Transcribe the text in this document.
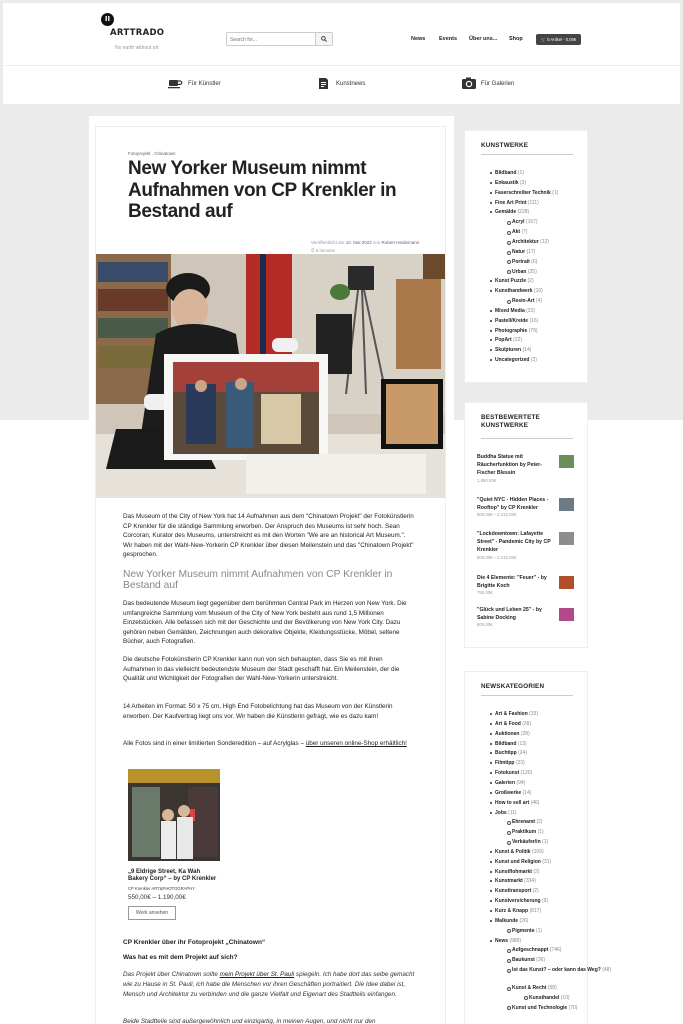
II
ARTTRADO
No earth without art
Search for...
News Events Über uns... Shop	🛒 0 Artikel - 0,00€
Für Künstler	Kunstnews	Für Galerien
Fotoprojekt , Chinatown
New Yorker Museum nimmt Aufnahmen von CP Krenkler in Bestand auf
Veröffentlicht am 10. Mai 2022 von Robert Heidemann
⏱ 6 minutes
Das Museum of the City of New York hat 14 Aufnahmen aus dem "Chinatown Projekt" der Fotokünstlerin CP Krenkler für die ständige Sammlung erworben. Der Anspruch des Museums ist sehr hoch. Sean Corcoran, Kurator des Museums, unterstreicht es mit den Worten "We are an historical Art Museum.". Wir haben mit der Wahl-New-Yorkerin CP Krenkler über diesen Meilenstein und das "Chinatown Projekt" gesprochen.
New Yorker Museum nimmt Aufnahmen von CP Krenkler in Bestand auf
Das bedeutende Museum liegt gegenüber dem berühmten Central Park im Herzen von New York. Die umfangreiche Sammlung vom Museum of the City of New York besteht aus rund 1,5 Millionen Einzelstücken. Alle befassen sich mit der Geschichte und der Bevölkerung von New York City. Dazu gehören neben Gemälden, Zeichnungen auch dekorative Objekte, Kleidungsstücke, Möbel, seltene Bücher, auch Fotografien.
Die deutsche Fotokünstlerin CP Krenkler kann nun von sich behaupten, dass Sie es mit ihren Aufnahmen in das vielleicht bedeutendste Museum der Stadt geschafft hat. Ein Meilenstein, der die Qualität und Wichtigkeit der Fotografien der Wahl-New-Yorkerin unterstreicht.
14 Arbeiten im Format: 50 x 75 cm, High End Fotobelichtung hat das Museum von der Künstlerin erworben. Der Kaufvertrag liegt uns vor. Wir haben die Künstlerin gefragt, wie es dazu kam!
Alle Fotos sind in einer limitierten Sonderedition – auf Acrylglas – über unseren online-Shop erhältlich!
„9 Eldrige Street, Ka Wah Bakery Corp“ – by CP Krenkler
CP Krenkler ART&PHOTOGRAPHY
550,00€ – 1.190,00€
Werk ansehen
CP Krenkler über ihr Fotoprojekt „Chinatown“
Was hat es mit dem Projekt auf sich?
Das Projekt über Chinatown sollte mein Projekt über St. Pauli spiegeln. Ich habe dort das selbe gemacht wie zu Hause in St. Pauli, ich habe die Menschen vor ihren Geschäften portraitiert. Die Idee dabei ist, Mensch und Architektur zu verbinden und die ganze Vielfalt und Eigenart des Stadtteils einfangen.
Beide Stadtteile sind außergewöhnlich und einzigartig, in meinen Augen, und nicht nur den
KUNSTWERKE
Bildband (1)
Enkaustik (3)
Faserschreiber Technik (1)
Fine Art Print (111)
Gemälde (228)
Acryl (167)
Akt (7)
Architektur (12)
Natur (17)
Portrait (6)
Urban (25)
Kunst Puzzle (2)
Kunsthandwerk (10)
Resin-Art (4)
Mixed Media (33)
Pastell/Kreide (16)
Photographie (79)
PopArt (22)
Skulpturen (14)
Uncategorized (2)
BESTBEWERTETE
KUNSTWERKE
Buddha Statue mit Räucherfunktion by Peter-Fischer Blessin
1.950,00€
"Quiet NYC - Hidden Places - Rooftop" by CP Krenkler
600,00€ – 2.210,00€
"Lockdowntown: Lafayette Street" - Pandemic City by CP Krenkler
600,00€ – 2.210,00€
Die 4 Elemente: "Feuer" - by Brigitte Koch
750,00€
"Glück und Leben 25" - by Sabine Docking
800,00€
NEWSKATEGORIEN
Art & Fashion (33)
Art & Food (39)
Auktionen (28)
Bildband (13)
Buchtipp (24)
Filmtipp (23)
Fotokunst (120)
Galerien (94)
Großwerke (14)
How to sell art (46)
Jobs (11)
Ehrenamt (2)
Praktikum (1)
Verkäufer/in (1)
Kunst & Politik (109)
Kunst und Religion (31)
Kunstflohmarkt (2)
Kunstmarkt (334)
Kunsttransport (2)
Kunstversicherung (9)
Kurz & Knapp (817)
Malkunde (26)
Pigmente (1)
News (989)
Aufgeschnappt (746)
Baukunst (36)
Ist das Kunst? – oder kann das Weg? (48)
Kunst & Recht (58)
Kunsthandel (10)
Kunst und Technologie (70)
